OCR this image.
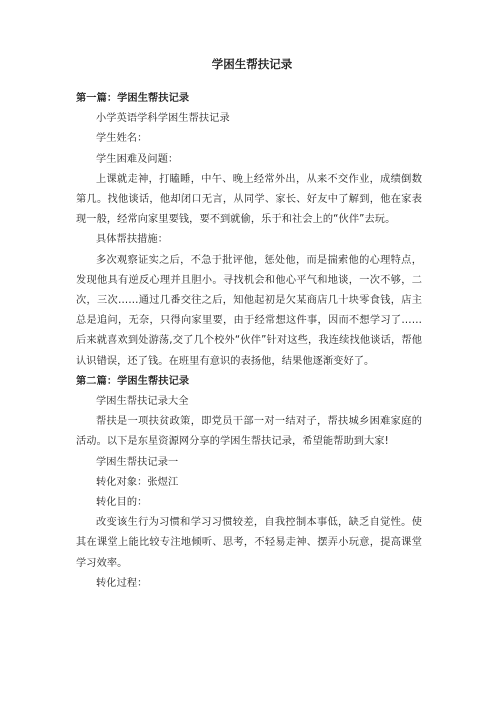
学困生帮扶记录

第一篇：学困生帮扶记录

小学英语学科学困生帮扶记录

学生姓名：

学生困难及问题：

上课就走神，打瞌睡，中午、晚上经常外出，从来不交作业，成绩倒数第几。找他谈话，他却闭口无言，从同学、家长、好友中了解到，他在家表现一般，经常向家里要钱，要不到就偷，乐于和社会上的“伙伴”去玩。

具体帮扶措施：

多次观察证实之后，不急于批评他，惩处他，而是揣索他的心理特点，发现他具有逆反心理并且胆小。寻找机会和他心平气和地谈，一次不够，二次，三次……通过几番交往之后，知他起初是欠某商店几十块零食钱，店主总是追问，无奈，只得向家里要，由于经常想这件事，因而不想学习了……后来就喜欢到处游荡,交了几个校外“伙伴”针对这些，我连续找他谈话，帮他认识错误，还了钱。在班里有意识的表扬他，结果他逐渐变好了。

第二篇：学困生帮扶记录

学困生帮扶记录大全

帮扶是一项扶贫政策，即党员干部一对一结对子，帮扶城乡困难家庭的活动。以下是东星资源网分享的学困生帮扶记录，希望能帮助到大家!

学困生帮扶记录一

转化对象：张煜江

转化目的：

改变该生行为习惯和学习习惯较差，自我控制本事低，缺乏自觉性。使其在课堂上能比较专注地倾听、思考，不轻易走神、摆弄小玩意，提高课堂学习效率。

转化过程：
